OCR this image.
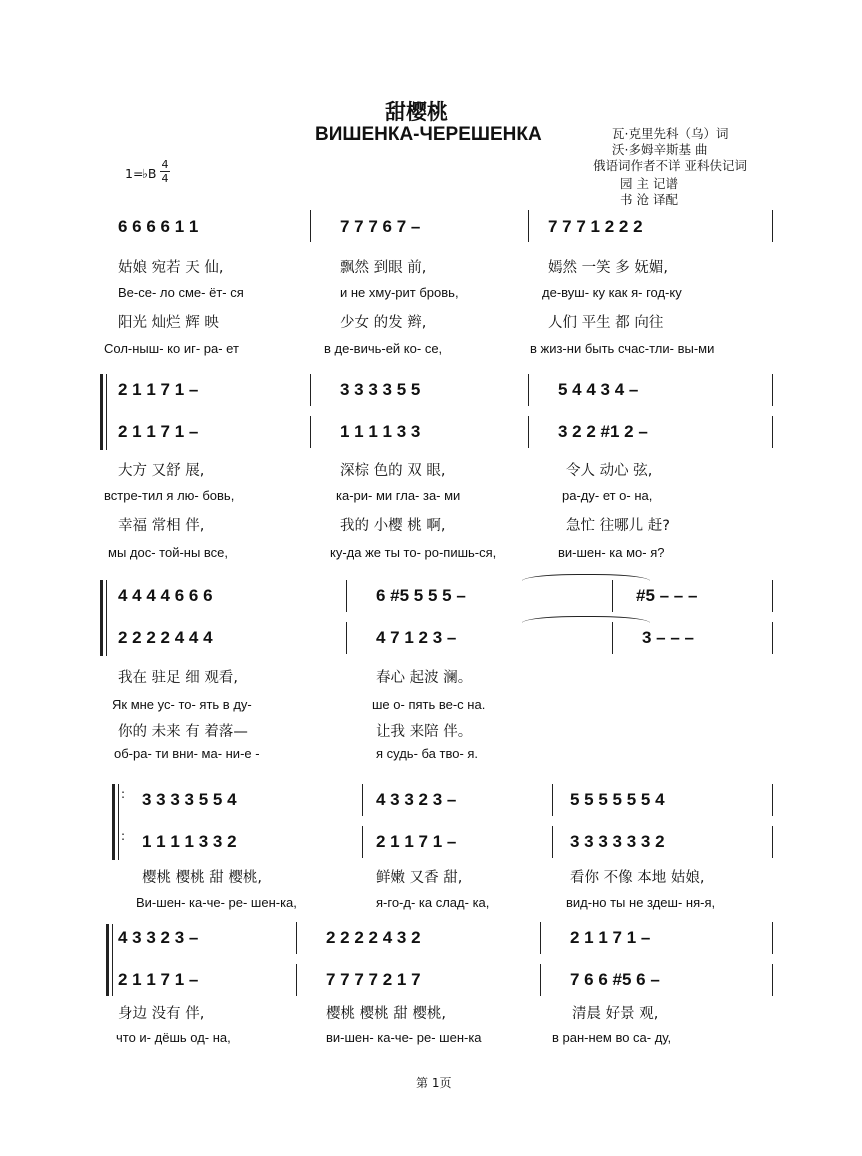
甜樱桃
ВИШЕНКА-ЧЕРЕШЕНКА	瓦·克里先科（乌）词
沃·多姆辛斯基 曲
俄语词作者不详 亚科伕记词
园 主 记谱
书 沧 译配
1=
♭B
4
4
6 6 6 6 1 1	7 7 7 6 7 –	7 7 7 1 2 2 2
姑娘 宛若 天 仙,	飘然 到眼 前,	嫣然 一笑 多 妩媚,
Ве-се- ло сме- ёт- ся	и не хму-рит бровь,	де-вуш- ку как я- год-ку
阳光 灿烂 辉 映	少女 的发 辫,	人们 平生 都 向往
Сол-ныш- ко иг- ра- ет	в де-вичь-ей ко- се,	в жиз-ни быть счас-тли- вы-ми
2 1 1 7 1 –	3 3 3 3 5 5	5 4 4 3 4 –
2 1 1 7 1 –	1 1 1 1 3 3	3 2 2 #1 2 –
大方 又舒 展,	深棕 色的 双 眼,	令人 动心 弦,
встре-тил я лю- бовь,	ка-ри- ми гла- за- ми	ра-ду- ет о- на,
幸福 常相 伴,	我的 小樱 桃 啊,	急忙 往哪儿 赶?
мы дос- той-ны все,	ку-да же ты то- ро-пишь-ся,	ви-шен- ка мо- я?
4 4 4 4 6 6 6	6 #5 5 5 5 –	#5 – – –
2 2 2 2 4 4 4	4 7 1 2 3 –	3 – – –
我在 驻足 细 观看,	春心 起波 澜。
Як мне ус- то- ять в ду-	ше о- пять ве-с на.
你的 未来 有 着落—	让我 来陪 伴。
об-ра- ти вни- ма- ни-е -	я судь- ба тво- я.
:
:
3 3 3 3 5 5 4	4 3 3 2 3 –	5 5 5 5 5 5 4
1 1 1 1 3 3 2	2 1 1 7 1 –	3 3 3 3 3 3 2
樱桃 樱桃 甜 樱桃,	鲜嫩 又香 甜,	看你 不像 本地 姑娘,
Ви-шен- ка-че- ре- шен-ка,	я-го-д- ка слад- ка,	вид-но ты не здеш- ня-я,
4 3 3 2 3 –	2 2 2 2 4 3 2	2 1 1 7 1 –
2 1 1 7 1 –	7 7 7 7 2 1 7	7 6 6 #5 6 –
身边 没有 伴,	樱桃 樱桃 甜 樱桃,	清晨 好景 观,
что и- дёшь од- на,	ви-шен- ка-че- ре- шен-ка	в ран-нем во са- ду,
第 1页
